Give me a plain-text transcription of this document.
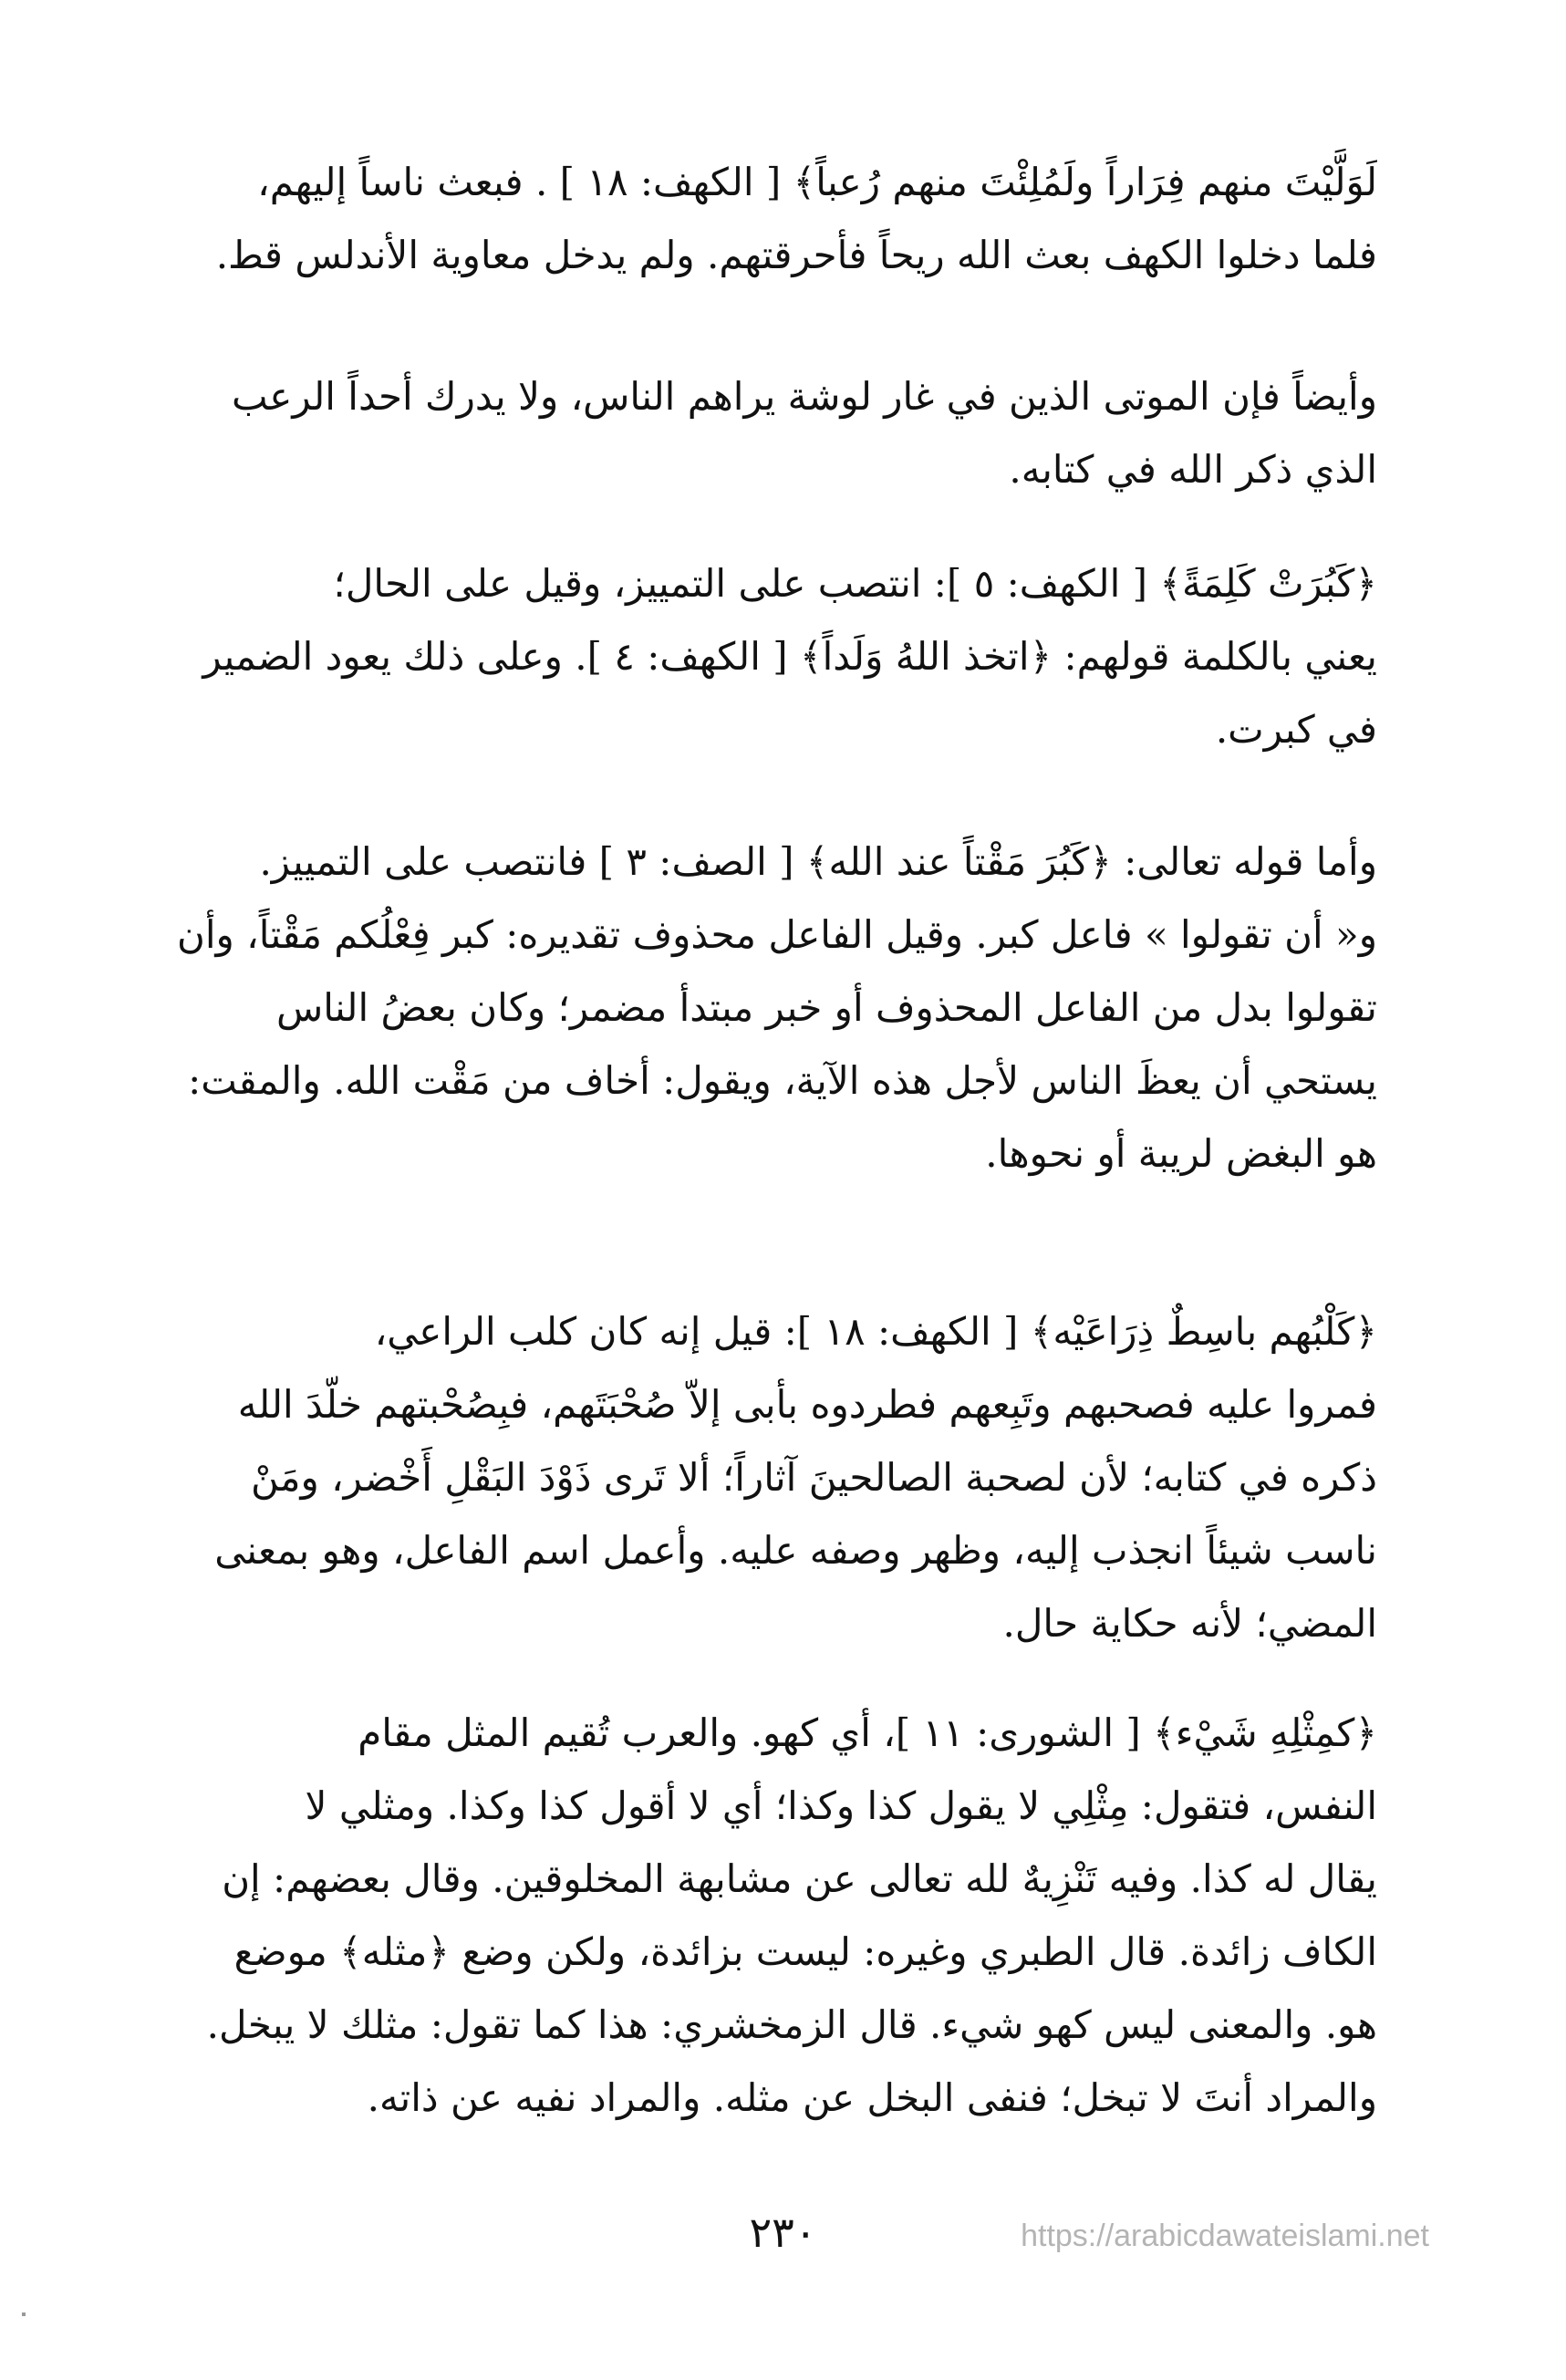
لَوَلَّيْتَ منهم فِرَاراً ولَمُلِئْتَ منهم رُعباً﴾ [ الكهف: ١٨ ] . فبعث ناساً إليهم،
فلما دخلوا الكهف بعث الله ريحاً فأحرقتهم. ولم يدخل معاوية الأندلس قط.
وأيضاً فإن الموتى الذين في غار لوشة يراهم الناس، ولا يدرك أحداً الرعب
الذي ذكر الله في كتابه.
﴿كَبُرَتْ كَلِمَةً﴾ [ الكهف: ٥ ]: انتصب على التمييز، وقيل على الحال؛
يعني بالكلمة قولهم: ﴿اتخذ اللهُ وَلَداً﴾ [ الكهف: ٤ ]. وعلى ذلك يعود الضمير
في كبرت.
وأما قوله تعالى: ﴿كَبُرَ مَقْتاً عند الله﴾ [ الصف: ٣ ] فانتصب على التمييز.
و« أن تقولوا » فاعل كبر. وقيل الفاعل محذوف تقديره: كبر فِعْلُكم مَقْتاً، وأن
تقولوا بدل من الفاعل المحذوف أو خبر مبتدأ مضمر؛ وكان بعضُ الناس
يستحي أن يعظَ الناس لأجل هذه الآية، ويقول: أخاف من مَقْت الله. والمقت:
هو البغض لريبة أو نحوها.
﴿كَلْبُهم باسِطٌ ذِرَاعَيْه﴾ [ الكهف: ١٨ ]: قيل إنه كان كلب الراعي،
فمروا عليه فصحبهم وتَبِعهم فطردوه بأبى إلاّ صُحْبَتَهم، فبِصُحْبتهم خلّدَ الله
ذكره في كتابه؛ لأن لصحبة الصالحينَ آثاراً؛ ألا تَرى ذَوْدَ البَقْلِ أَخْضر، ومَنْ
ناسب شيئاً انجذب إليه، وظهر وصفه عليه. وأعمل اسم الفاعل، وهو بمعنى
المضي؛ لأنه حكاية حال.
﴿كمِثْلِهِ شَيْء﴾ [ الشورى: ١١ ]، أي كهو. والعرب تُقيم المثل مقام
النفس، فتقول: مِثْلِي لا يقول كذا وكذا؛ أي لا أقول كذا وكذا. ومثلي لا
يقال له كذا. وفيه تَنْزِيهٌ لله تعالى عن مشابهة المخلوقين. وقال بعضهم: إن
الكاف زائدة. قال الطبري وغيره: ليست بزائدة، ولكن وضع ﴿مثله﴾ موضع
هو. والمعنى ليس كهو شيء. قال الزمخشري: هذا كما تقول: مثلك لا يبخل.
والمراد أنتَ لا تبخل؛ فنفى البخل عن مثله. والمراد نفيه عن ذاته.
٢٣٠	https://arabicdawateislami.net
